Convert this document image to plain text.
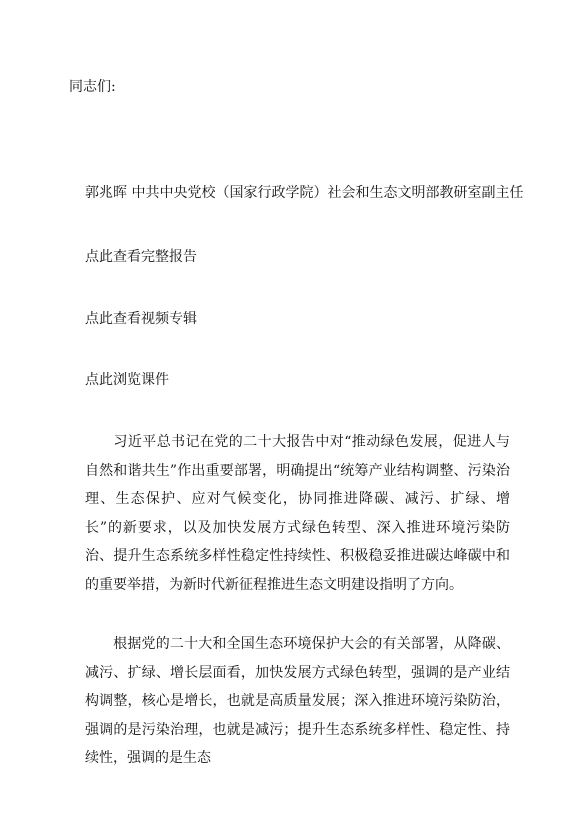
同志们:

郭兆晖 中共中央党校（国家行政学院）社会和生态文明部教研室副主任

点此查看完整报告

点此查看视频专辑

点此浏览课件

习近平总书记在党的二十大报告中对“推动绿色发展，促进人与自然和谐共生”作出重要部署，明确提出“统筹产业结构调整、污染治理、生态保护、应对气候变化，协同推进降碳、减污、扩绿、增长”的新要求，以及加快发展方式绿色转型、深入推进环境污染防治、提升生态系统多样性稳定性持续性、积极稳妥推进碳达峰碳中和的重要举措，为新时代新征程推进生态文明建设指明了方向。

根据党的二十大和全国生态环境保护大会的有关部署，从降碳、减污、扩绿、增长层面看，加快发展方式绿色转型，强调的是产业结构调整，核心是增长，也就是高质量发展；深入推进环境污染防治，强调的是污染治理，也就是减污；提升生态系统多样性、稳定性、持续性，强调的是生态
